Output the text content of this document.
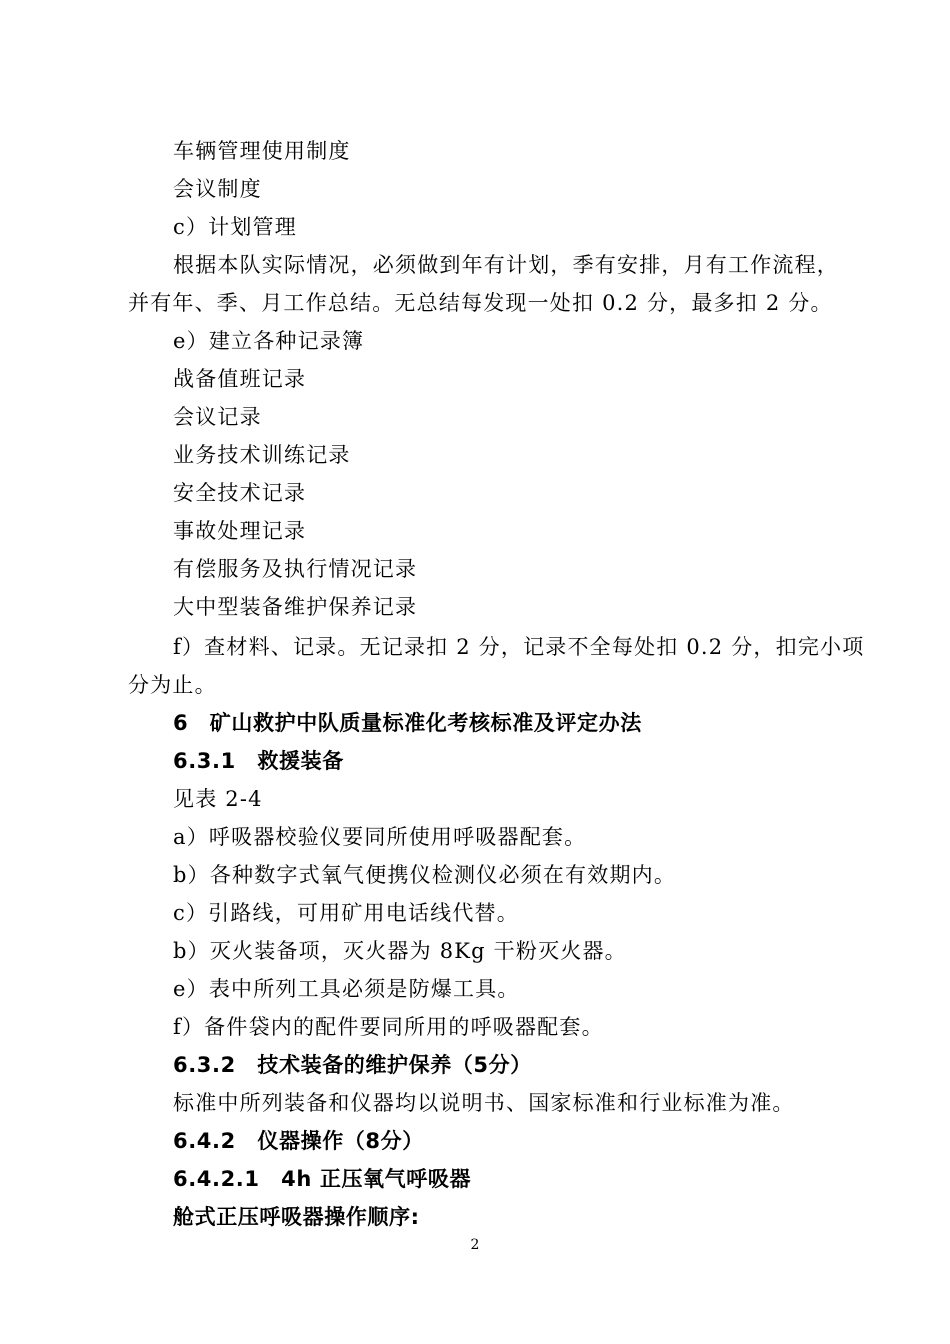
车辆管理使用制度
会议制度
c）计划管理
根据本队实际情况，必须做到年有计划，季有安排，月有工作流程，
并有年、季、月工作总结。无总结每发现一处扣 0.2 分，最多扣 2 分。
e）建立各种记录簿
战备值班记录
会议记录
业务技术训练记录
安全技术记录
事故处理记录
有偿服务及执行情况记录
大中型装备维护保养记录
f）查材料、记录。无记录扣 2 分，记录不全每处扣 0.2 分，扣完小项
分为止。
6　矿山救护中队质量标准化考核标准及评定办法
6.3.1　救援装备
见表 2-4
a）呼吸器校验仪要同所使用呼吸器配套。
b）各种数字式氧气便携仪检测仪必须在有效期内。
c）引路线，可用矿用电话线代替。
b）灭火装备项，灭火器为 8Kg 干粉灭火器。
e）表中所列工具必须是防爆工具。
f）备件袋内的配件要同所用的呼吸器配套。
6.3.2　技术装备的维护保养（5分）
标准中所列装备和仪器均以说明书、国家标准和行业标准为准。
6.4.2　仪器操作（8分）
6.4.2.1　4h 正压氧气呼吸器
舱式正压呼吸器操作顺序:
2
